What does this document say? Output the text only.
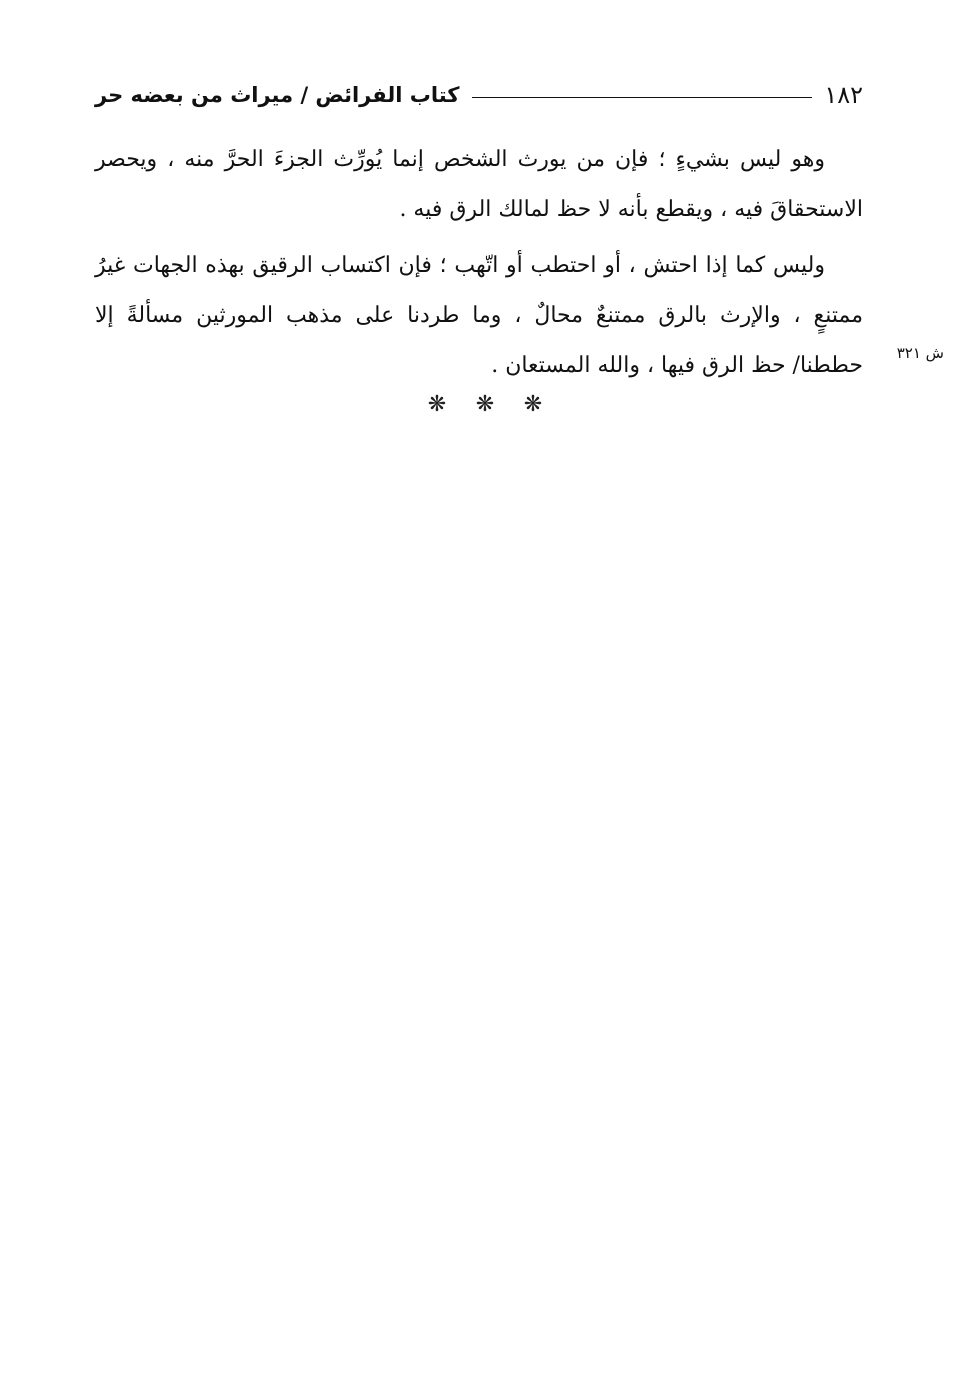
١٨٢
كتاب الفرائض / ميراث من بعضه حر

وهو ليس بشيءٍ ؛ فإن من يورث الشخص إنما يُورِّث الجزءَ الحرَّ منه ، ويحصر الاستحقاقَ فيه ، ويقطع بأنه لا حظ لمالك الرق فيه .

وليس كما إذا احتش ، أو احتطب أو اتّهب ؛ فإن اكتساب الرقيق بهذه الجهات غيرُ ممتنعٍ ، والإرث بالرق ممتنعٌ محالٌ ، وما طردنا على مذهب المورثين مسألةً إلا حططنا/ حظ الرق فيها ، والله المستعان .	ش ٣٢١
❋ ❋ ❋
